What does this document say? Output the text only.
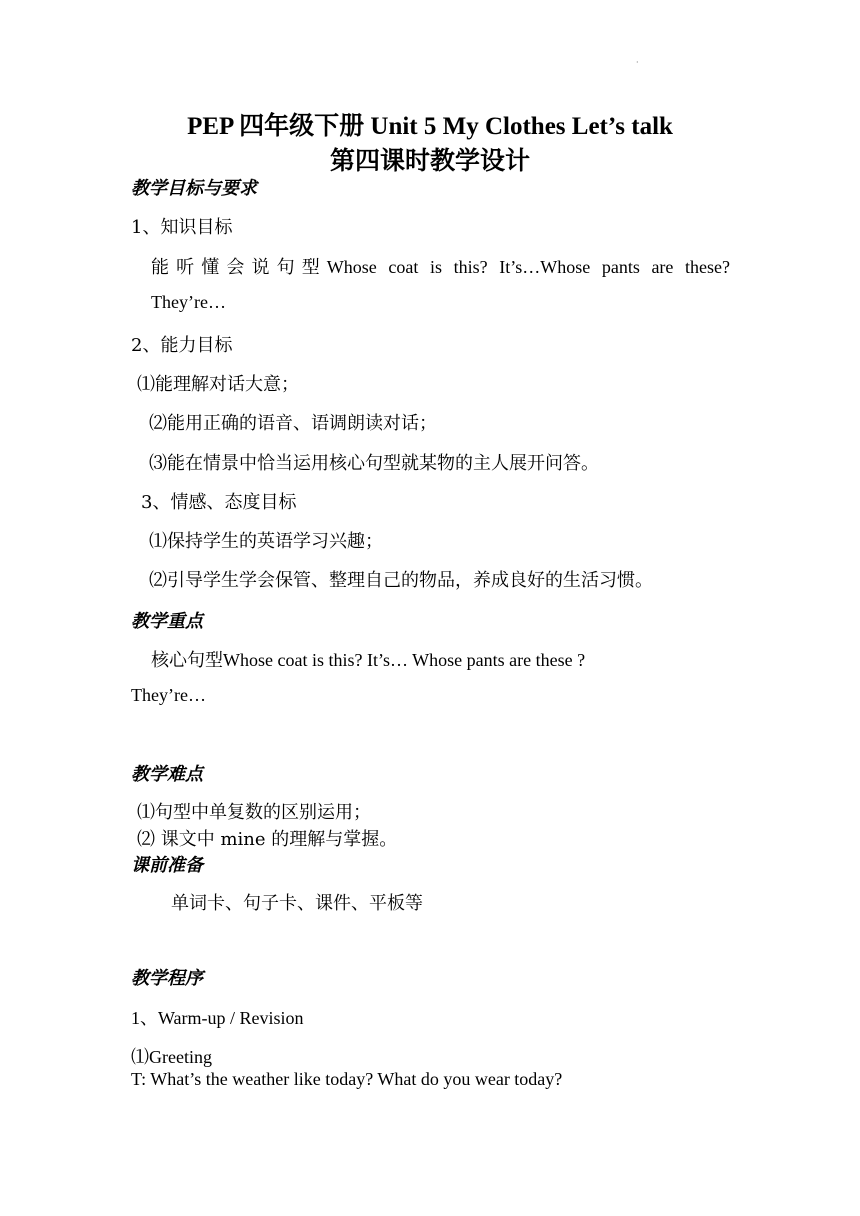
·
PEP 四年级下册 Unit 5 My Clothes Let’s talk
第四课时教学设计
教学目标与要求
1、知识目标
能听懂会说句型Whose coat is this? It’s…Whose pants are these?
They’re…
2、能力目标
⑴能理解对话大意；
⑵能用正确的语音、语调朗读对话；
⑶能在情景中恰当运用核心句型就某物的主人展开问答。
3、情感、态度目标
⑴保持学生的英语学习兴趣；
⑵引导学生学会保管、整理自己的物品，养成良好的生活习惯。
教学重点
核心句型Whose coat is this? It’s… Whose pants are these ?
They’re…
教学难点
⑴句型中单复数的区别运用；
⑵ 课文中 mine 的理解与掌握。
课前准备
单词卡、句子卡、课件、平板等
教学程序
1、Warm-up / Revision
⑴Greeting
T: What’s the weather like today? What do you wear today?
